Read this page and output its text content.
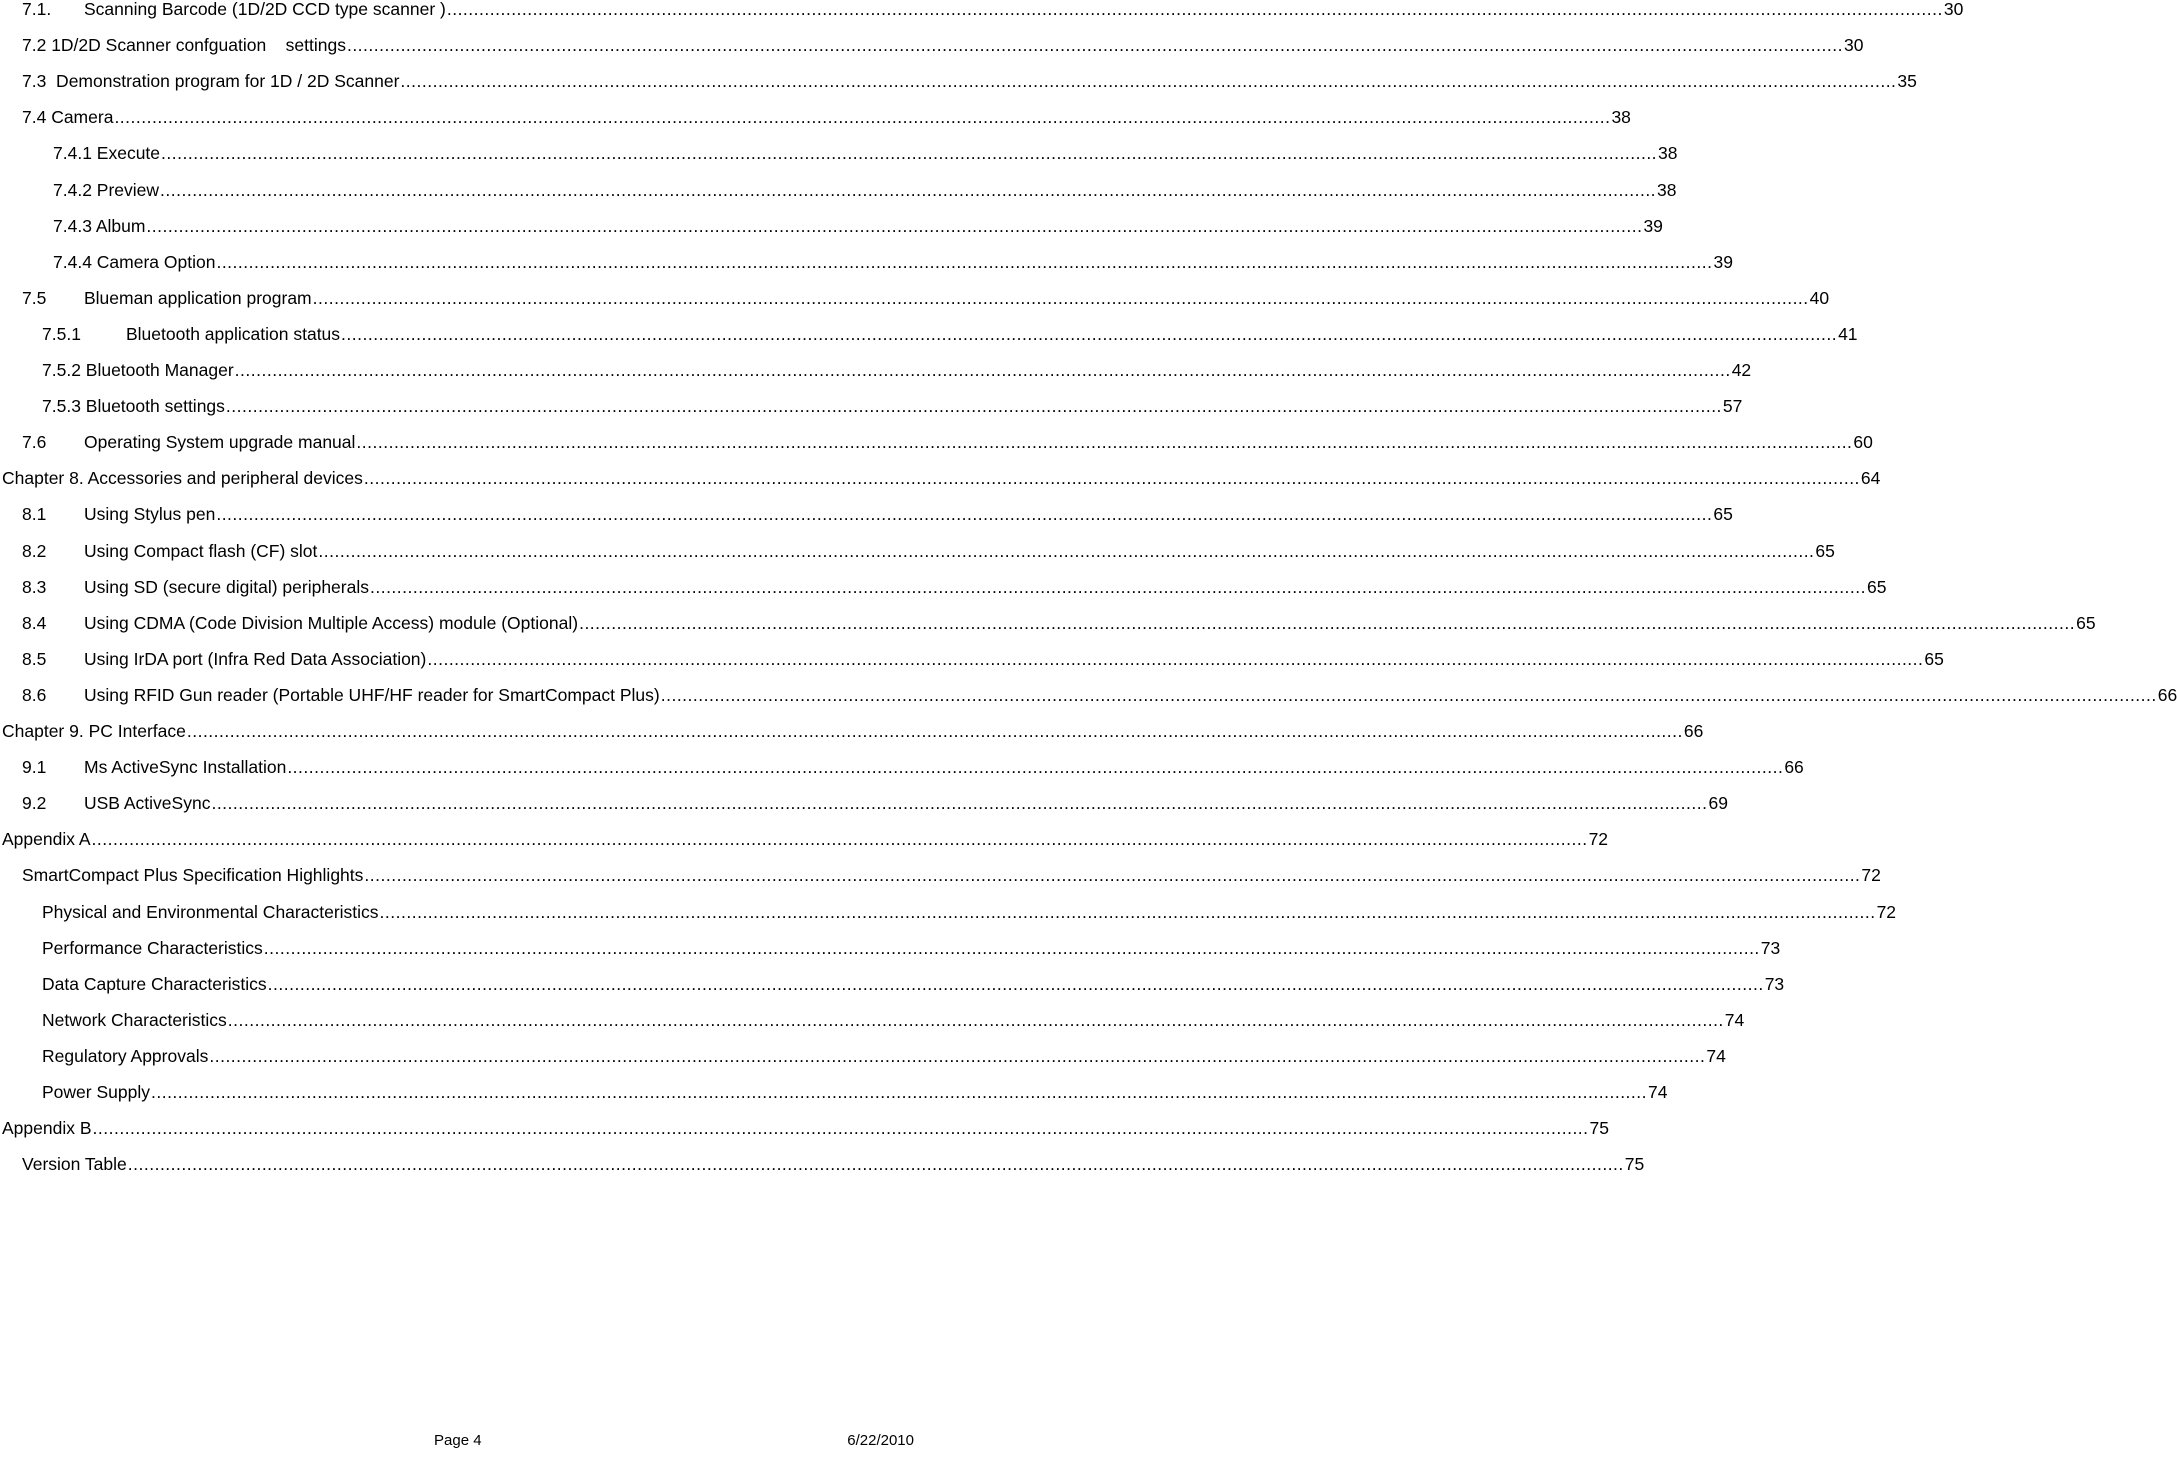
7.1.	Scanning Barcode (1D/2D CCD type scanner ) .....	30
7.2 1D/2D Scanner confguation    settings .....	30
7.3  Demonstration program for 1D / 2D Scanner .....	35
7.4 Camera .....	38
7.4.1 Execute .....	38
7.4.2 Preview .....	38
7.4.3 Album .....	39
7.4.4 Camera Option .....	39
7.5	Blueman application program .....	40
7.5.1	Bluetooth application status .....	41
7.5.2 Bluetooth Manager .....	42
7.5.3 Bluetooth settings .....	57
7.6	Operating System upgrade manual .....	60
Chapter 8. Accessories and peripheral devices .....	64
8.1	Using Stylus pen .....	65
8.2	Using Compact flash (CF) slot .....	65
8.3	Using SD (secure digital) peripherals .....	65
8.4	Using CDMA (Code Division Multiple Access) module (Optional) .....	65
8.5	Using IrDA port (Infra Red Data Association) .....	65
8.6	Using RFID Gun reader (Portable UHF/HF reader for SmartCompact Plus) .....	66
Chapter 9. PC Interface .....	66
9.1	Ms ActiveSync Installation .....	66
9.2	USB ActiveSync .....	69
Appendix A .....	72
SmartCompact Plus Specification Highlights .....	72
Physical and Environmental Characteristics .....	72
Performance Characteristics .....	73
Data Capture Characteristics .....	73
Network Characteristics .....	74
Regulatory Approvals .....	74
Power Supply .....	74
Appendix B .....	75
Version Table .....	75
Page 4	6/22/2010
